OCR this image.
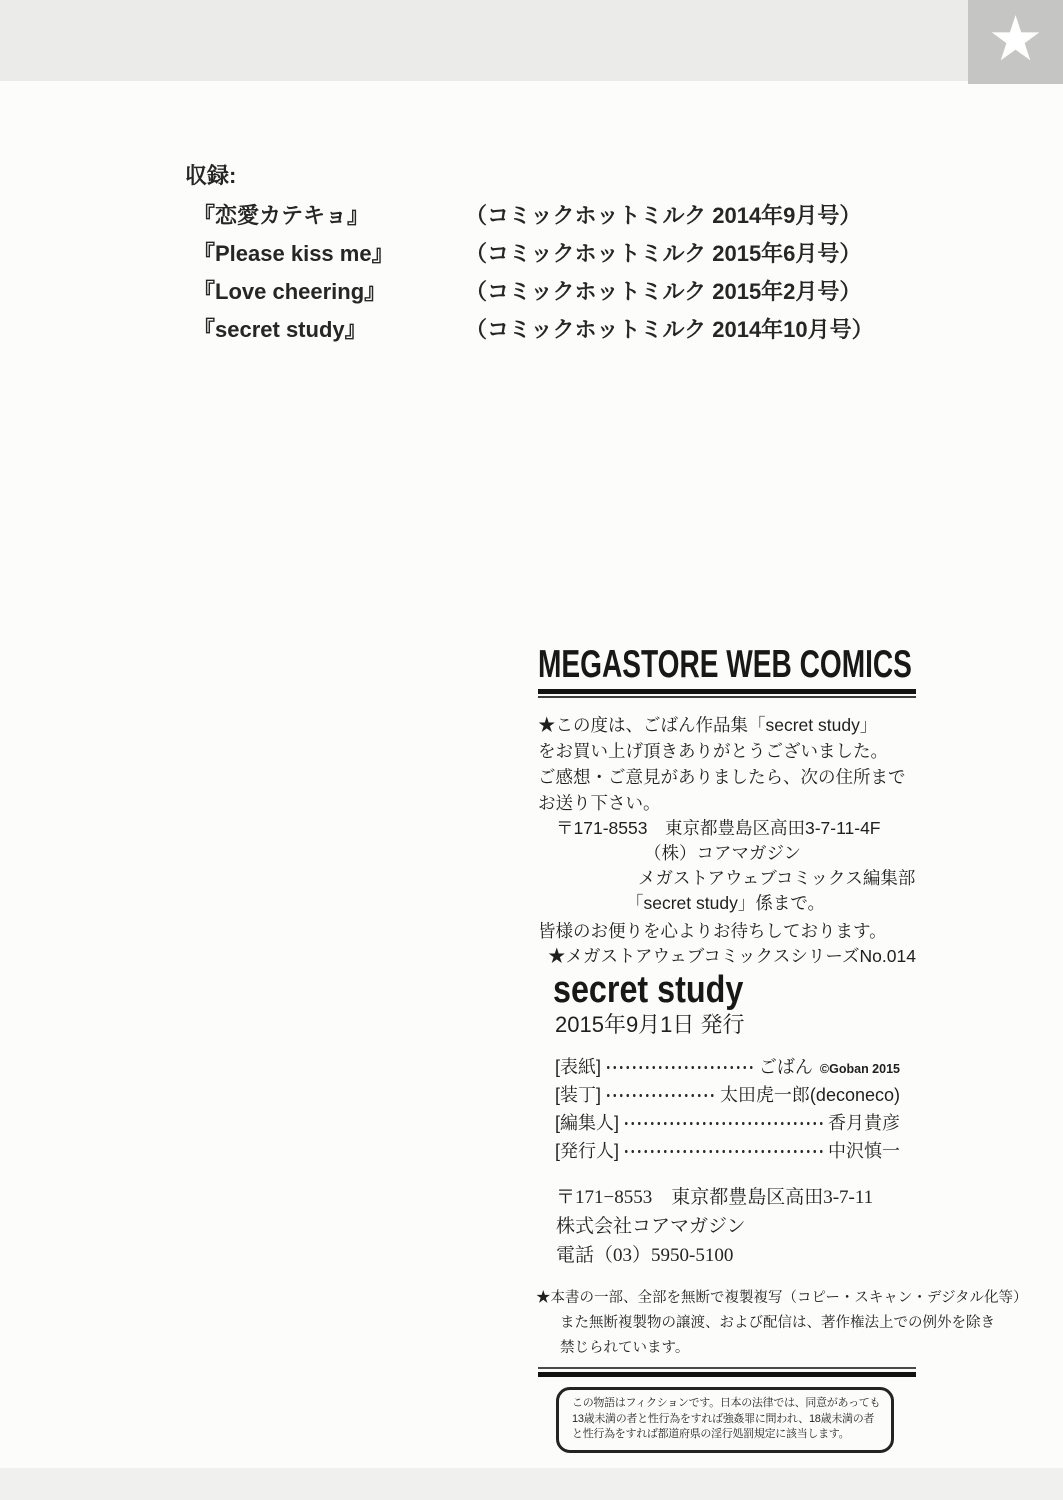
★
収録:
『恋愛カテキョ』	（コミックホットミルク 2014年9月号）
『Please kiss me』	（コミックホットミルク 2015年6月号）
『Love cheering』	（コミックホットミルク 2015年2月号）
『secret study』	（コミックホットミルク 2014年10月号）
MEGASTORE WEB COMICS
★この度は、ごばん作品集「secret study」
をお買い上げ頂きありがとうございました。
ご感想・ご意見がありましたら、次の住所まで
お送り下さい。
〒171-8553　東京都豊島区高田3-7-11-4F
（株）コアマガジン
メガストアウェブコミックス編集部
「secret study」係まで。
皆様のお便りを心よりお待ちしております。
★メガストアウェブコミックスシリーズNo.014
secret study
2015年9月1日 発行
[表紙]	ごばん ©Goban 2015
[装丁]	太田虎一郎(deconeco)
[編集人]	香月貴彦
[発行人]	中沢慎一
〒171−8553　東京都豊島区高田3-7-11
株式会社コアマガジン
電話（03）5950-5100
★本書の一部、全部を無断で複製複写（コピー・スキャン・デジタル化等）
また無断複製物の譲渡、および配信は、著作権法上での例外を除き
禁じられています。
この物語はフィクションです。日本の法律では、同意があっても
13歳未満の者と性行為をすれば強姦罪に問われ、18歳未満の者
と性行為をすれば都道府県の淫行処罰規定に該当します。
